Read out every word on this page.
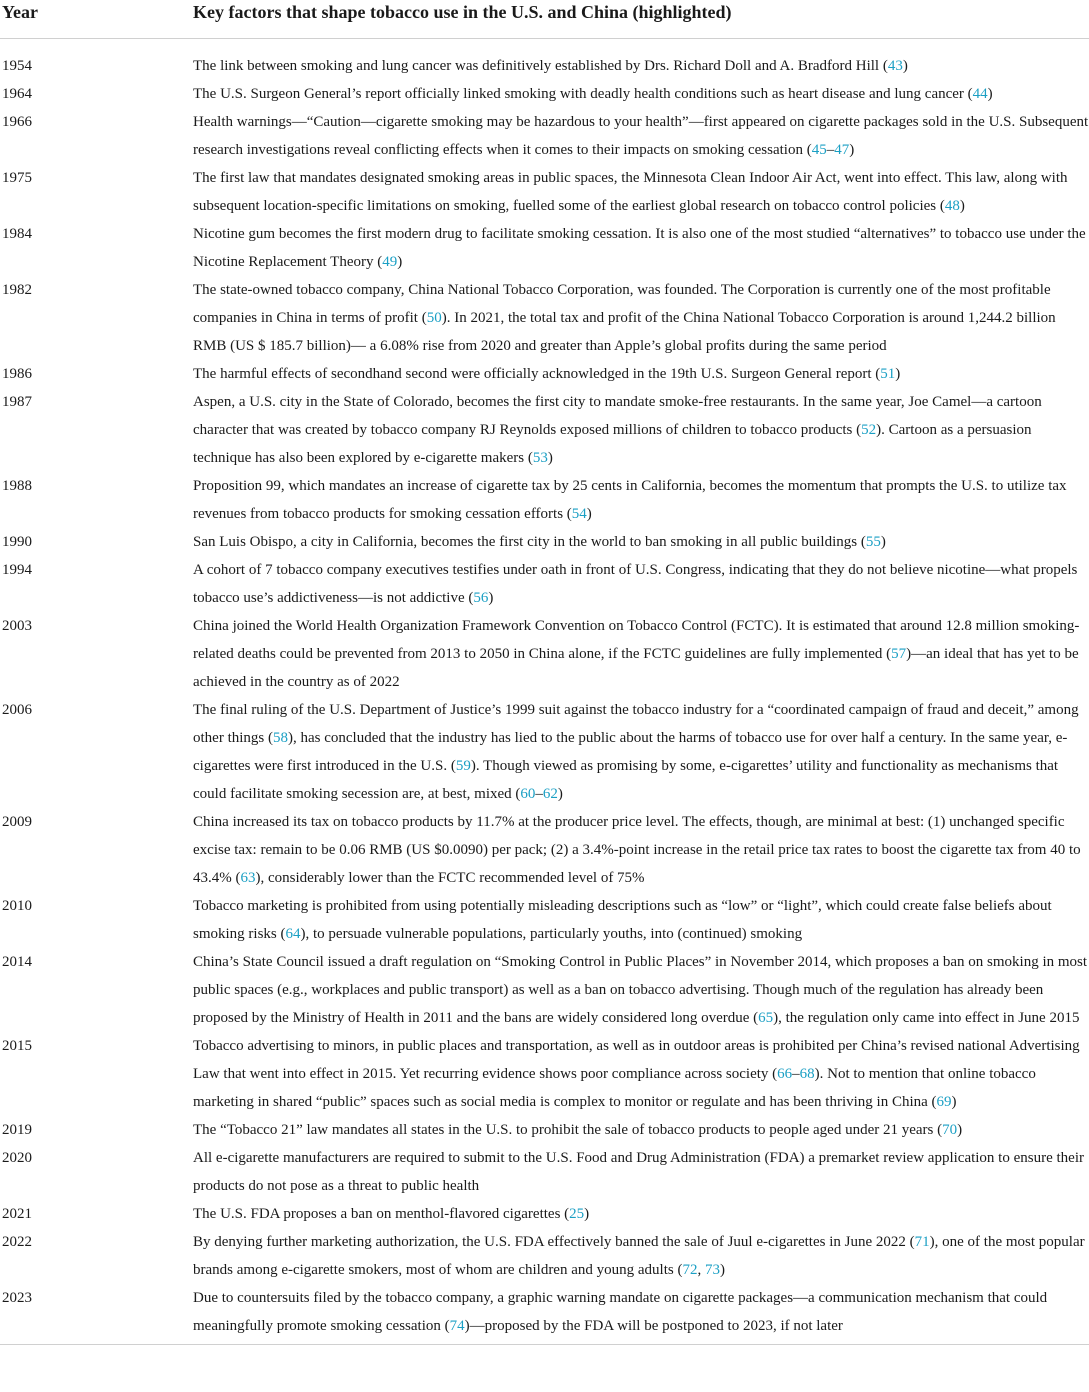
Year	Key factors that shape tobacco use in the U.S. and China (highlighted)
1954	The link between smoking and lung cancer was definitively established by Drs. Richard Doll and A. Bradford Hill (43)
1964	The U.S. Surgeon General’s report officially linked smoking with deadly health conditions such as heart disease and lung cancer (44)
1966	Health warnings—“Caution—cigarette smoking may be hazardous to your health”—first appeared on cigarette packages sold in the U.S. Subsequent research investigations reveal conflicting effects when it comes to their impacts on smoking cessation (45–47)
1975	The first law that mandates designated smoking areas in public spaces, the Minnesota Clean Indoor Air Act, went into effect. This law, along with subsequent location-specific limitations on smoking, fuelled some of the earliest global research on tobacco control policies (48)
1984	Nicotine gum becomes the first modern drug to facilitate smoking cessation. It is also one of the most studied “alternatives” to tobacco use under the Nicotine Replacement Theory (49)
1982	The state-owned tobacco company, China National Tobacco Corporation, was founded. The Corporation is currently one of the most profitable companies in China in terms of profit (50). In 2021, the total tax and profit of the China National Tobacco Corporation is around 1,244.2 billion RMB (US $ 185.7 billion)— a 6.08% rise from 2020 and greater than Apple’s global profits during the same period
1986	The harmful effects of secondhand second were officially acknowledged in the 19th U.S. Surgeon General report (51)
1987	Aspen, a U.S. city in the State of Colorado, becomes the first city to mandate smoke-free restaurants. In the same year, Joe Camel—a cartoon character that was created by tobacco company RJ Reynolds exposed millions of children to tobacco products (52). Cartoon as a persuasion technique has also been explored by e-cigarette makers (53)
1988	Proposition 99, which mandates an increase of cigarette tax by 25 cents in California, becomes the momentum that prompts the U.S. to utilize tax revenues from tobacco products for smoking cessation efforts (54)
1990	San Luis Obispo, a city in California, becomes the first city in the world to ban smoking in all public buildings (55)
1994	A cohort of 7 tobacco company executives testifies under oath in front of U.S. Congress, indicating that they do not believe nicotine—what propels tobacco use’s addictiveness—is not addictive (56)
2003	China joined the World Health Organization Framework Convention on Tobacco Control (FCTC). It is estimated that around 12.8 million smoking-related deaths could be prevented from 2013 to 2050 in China alone, if the FCTC guidelines are fully implemented (57)—an ideal that has yet to be achieved in the country as of 2022
2006	The final ruling of the U.S. Department of Justice’s 1999 suit against the tobacco industry for a “coordinated campaign of fraud and deceit,” among other things (58), has concluded that the industry has lied to the public about the harms of tobacco use for over half a century. In the same year, e-cigarettes were first introduced in the U.S. (59). Though viewed as promising by some, e-cigarettes’ utility and functionality as mechanisms that could facilitate smoking secession are, at best, mixed (60–62)
2009	China increased its tax on tobacco products by 11.7% at the producer price level. The effects, though, are minimal at best: (1) unchanged specific excise tax: remain to be 0.06 RMB (US $0.0090) per pack; (2) a 3.4%-point increase in the retail price tax rates to boost the cigarette tax from 40 to 43.4% (63), considerably lower than the FCTC recommended level of 75%
2010	Tobacco marketing is prohibited from using potentially misleading descriptions such as “low” or “light”, which could create false beliefs about smoking risks (64), to persuade vulnerable populations, particularly youths, into (continued) smoking
2014	China’s State Council issued a draft regulation on “Smoking Control in Public Places” in November 2014, which proposes a ban on smoking in most public spaces (e.g., workplaces and public transport) as well as a ban on tobacco advertising. Though much of the regulation has already been proposed by the Ministry of Health in 2011 and the bans are widely considered long overdue (65), the regulation only came into effect in June 2015
2015	Tobacco advertising to minors, in public places and transportation, as well as in outdoor areas is prohibited per China’s revised national Advertising Law that went into effect in 2015. Yet recurring evidence shows poor compliance across society (66–68). Not to mention that online tobacco marketing in shared “public” spaces such as social media is complex to monitor or regulate and has been thriving in China (69)
2019	The “Tobacco 21” law mandates all states in the U.S. to prohibit the sale of tobacco products to people aged under 21 years (70)
2020	All e-cigarette manufacturers are required to submit to the U.S. Food and Drug Administration (FDA) a premarket review application to ensure their products do not pose as a threat to public health
2021	The U.S. FDA proposes a ban on menthol-flavored cigarettes (25)
2022	By denying further marketing authorization, the U.S. FDA effectively banned the sale of Juul e-cigarettes in June 2022 (71), one of the most popular brands among e-cigarette smokers, most of whom are children and young adults (72, 73)
2023	Due to countersuits filed by the tobacco company, a graphic warning mandate on cigarette packages—a communication mechanism that could meaningfully promote smoking cessation (74)—proposed by the FDA will be postponed to 2023, if not later
